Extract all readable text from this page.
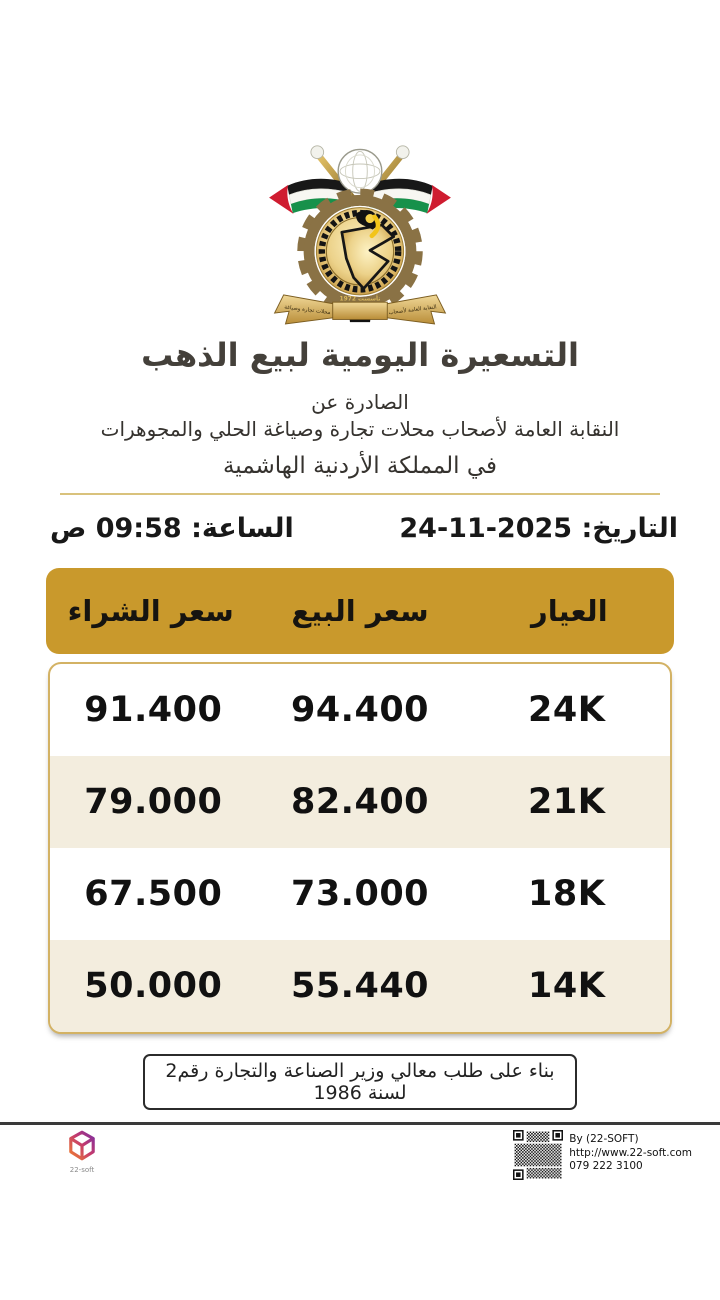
تأسست 1972
محلات تجارة وصياغة	النقابة العامة لأصحاب
التسعيرة اليومية لبيع الذهب
الصادرة عن
النقابة العامة لأصحاب محلات تجارة وصياغة الحلي والمجوهرات
في المملكة الأردنية الهاشمية
التاريخ: 24-11-2025
الساعة: 09:58 ص
العيار
سعر البيع
سعر الشراء
24K
94.400
91.400
21K
82.400
79.000
18K
73.000
67.500
14K
55.440
50.000
بناء على طلب معالي وزير الصناعة والتجارة رقم2 لسنة 1986
22-soft
By (22-SOFT)
http://www.22-soft.com
079 222 3100
